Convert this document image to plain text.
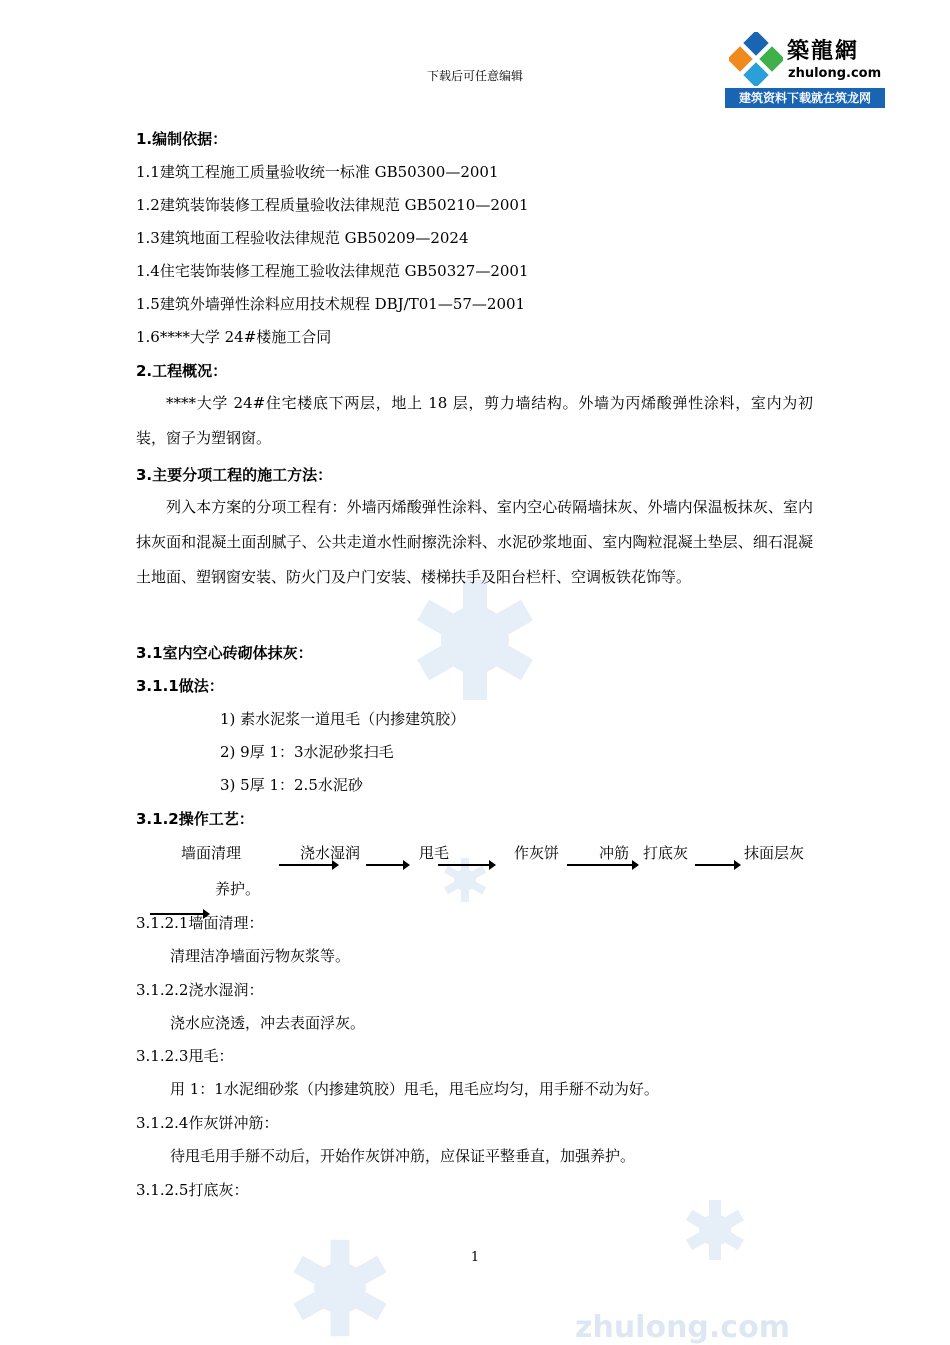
zhulong.com
下载后可任意编辑
築龍網
zhulong.com
建筑资料下载就在筑龙网
1.编制依据：
1.1建筑工程施工质量验收统一标准 GB50300—2001
1.2建筑装饰装修工程质量验收法律规范 GB50210—2001
1.3建筑地面工程验收法律规范 GB50209—2024
1.4住宅装饰装修工程施工验收法律规范 GB50327—2001
1.5建筑外墙弹性涂料应用技术规程 DBJ/T01—57—2001
1.6****大学 24#楼施工合同
2.工程概况：
****大学 24#住宅楼底下两层，地上 18 层，剪力墙结构。外墙为丙烯酸弹性涂料，室内为初装，窗子为塑钢窗。
3.主要分项工程的施工方法：
列入本方案的分项工程有：外墙丙烯酸弹性涂料、室内空心砖隔墙抹灰、外墙内保温板抹灰、室内抹灰面和混凝土面刮腻子、公共走道水性耐擦洗涂料、水泥砂浆地面、室内陶粒混凝土垫层、细石混凝土地面、塑钢窗安装、防火门及户门安装、楼梯扶手及阳台栏杆、空调板铁花饰等。
3.1室内空心砖砌体抹灰：
3.1.1做法：
1) 素水泥浆一道甩毛（内掺建筑胶）
2) 9厚 1：3水泥砂浆扫毛
3) 5厚 1：2.5水泥砂
3.1.2操作工艺：
墙面清理	浇水湿润	甩毛	作灰饼	冲筋 打底灰	抹面层灰
养护。
3.1.2.1墙面清理：
清理洁净墙面污物灰浆等。
3.1.2.2浇水湿润：
浇水应浇透，冲去表面浮灰。
3.1.2.3甩毛：
用 1：1水泥细砂浆（内掺建筑胶）甩毛，甩毛应均匀，用手掰不动为好。
3.1.2.4作灰饼冲筋：
待甩毛用手掰不动后，开始作灰饼冲筋，应保证平整垂直，加强养护。
3.1.2.5打底灰：
1
